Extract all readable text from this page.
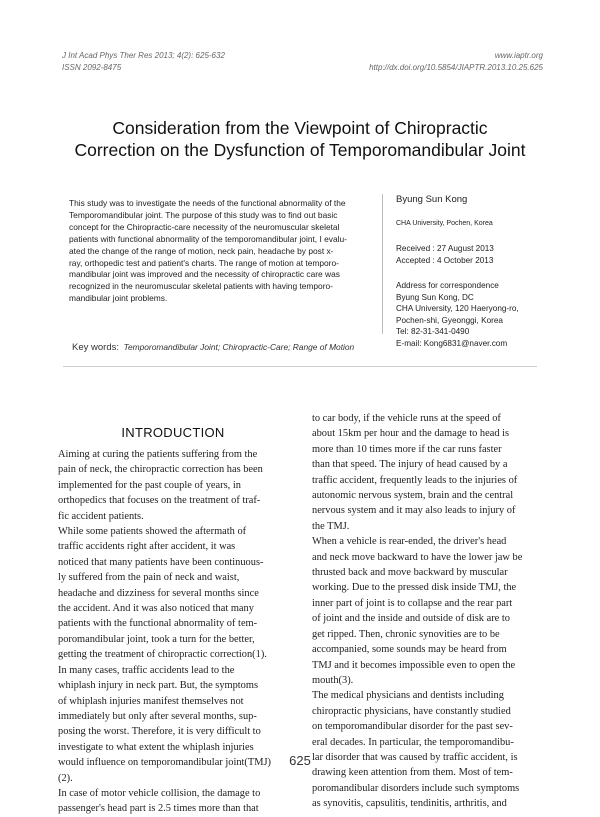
J Int Acad Phys Ther Res 2013; 4(2): 625-632
ISSN 2092-8475
www.iaptr.org
http://dx.doi.org/10.5854/JIAPTR.2013.10.25.625
Consideration from the Viewpoint of Chiropractic
Correction on the Dysfunction of Temporomandibular Joint
This study was to investigate the needs of the functional abnormality of the
Temporomandibular joint. The purpose of this study was to find out basic
concept for the Chiropractic-care necessity of the neuromuscular skeletal
patients with functional abnormality of the temporomandibular joint, I evalu-
ated the change of the range of motion, neck pain, headache by post x-
ray, orthopedic test and patient's charts. The range of motion at temporo-
mandibular joint was improved and the necessity of chiropractic care was
recognized in the neuromuscular skeletal patients with having temporo-
mandibular joint problems.
Byung Sun Kong
CHA University, Pochen, Korea
Received : 27 August 2013
Accepted : 4 October 2013
Address for correspondence
Byung Sun Kong, DC
CHA University, 120 Haeryong-ro,
Pochen-shi, Gyeonggi, Korea
Tel: 82-31-341-0490
E-mail: Kong6831@naver.com
Key words: Temporomandibular Joint; Chiropractic-Care; Range of Motion
INTRODUCTION
Aiming at curing the patients suffering from the
pain of neck, the chiropractic correction has been
implemented for the past couple of years, in
orthopedics that focuses on the treatment of traf-
fic accident patients.
While some patients showed the aftermath of
traffic accidents right after accident, it was
noticed that many patients have been continuous-
ly suffered from the pain of neck and waist,
headache and dizziness for several months since
the accident. And it was also noticed that many
patients with the functional abnormality of tem-
poromandibular joint, took a turn for the better,
getting the treatment of chiropractic correction(1).
In many cases, traffic accidents lead to the
whiplash injury in neck part. But, the symptoms
of whiplash injuries manifest themselves not
immediately but only after several months, sup-
posing the worst. Therefore, it is very difficult to
investigate to what extent the whiplash injuries
would influence on temporomandibular joint(TMJ)
(2).
In case of motor vehicle collision, the damage to
passenger's head part is 2.5 times more than that
to car body, if the vehicle runs at the speed of
about 15km per hour and the damage to head is
more than 10 times more if the car runs faster
than that speed. The injury of head caused by a
traffic accident, frequently leads to the injuries of
autonomic nervous system, brain and the central
nervous system and it may also leads to injury of
the TMJ.
When a vehicle is rear-ended, the driver's head
and neck move backward to have the lower jaw be
thrusted back and move backward by muscular
working. Due to the pressed disk inside TMJ, the
inner part of joint is to collapse and the rear part
of joint and the inside and outside of disk are to
get ripped. Then, chronic synovities are to be
accompanied, some sounds may be heard from
TMJ and it becomes impossible even to open the
mouth(3).
The medical physicians and dentists including
chiropractic physicians, have constantly studied
on temporomandibular disorder for the past sev-
eral decades. In particular, the temporomandibu-
lar disorder that was caused by traffic accident, is
drawing keen attention from them. Most of tem-
poromandibular disorders include such symptoms
as synovitis, capsulitis, tendinitis, arthritis, and
625
